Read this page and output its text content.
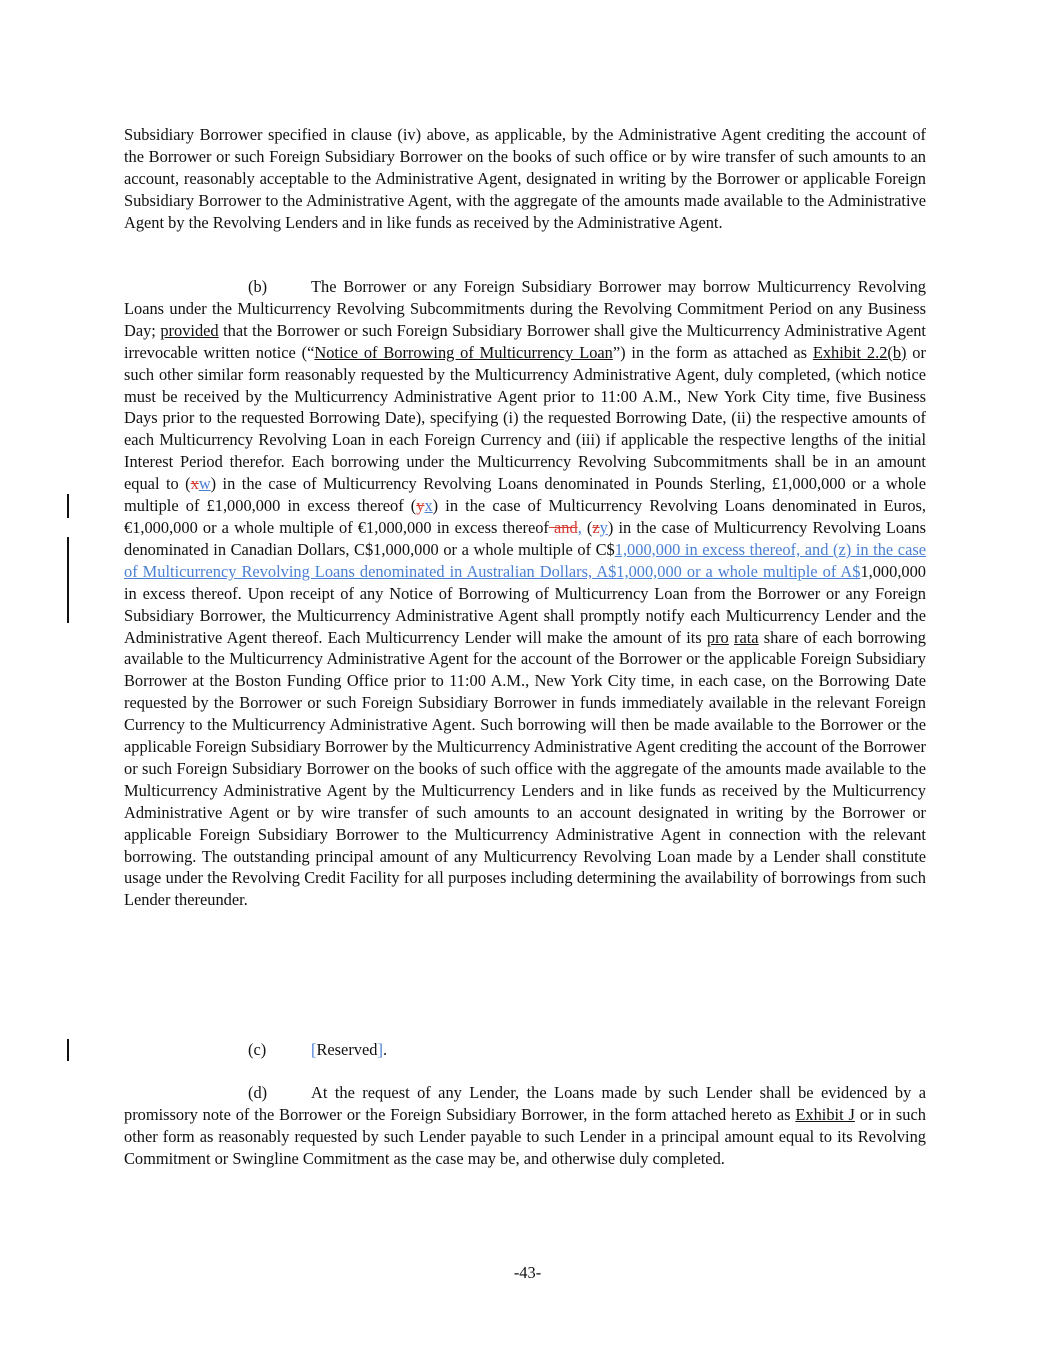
Subsidiary Borrower specified in clause (iv) above, as applicable, by the Administrative Agent crediting the account of the Borrower or such Foreign Subsidiary Borrower on the books of such office or by wire transfer of such amounts to an account, reasonably acceptable to the Administrative Agent, designated in writing by the Borrower or applicable Foreign Subsidiary Borrower to the Administrative Agent, with the aggregate of the amounts made available to the Administrative Agent by the Revolving Lenders and in like funds as received by the Administrative Agent.
(b)	The Borrower or any Foreign Subsidiary Borrower may borrow Multicurrency Revolving Loans under the Multicurrency Revolving Subcommitments during the Revolving Commitment Period on any Business Day; provided that the Borrower or such Foreign Subsidiary Borrower shall give the Multicurrency Administrative Agent irrevocable written notice (“Notice of Borrowing of Multicurrency Loan”) in the form as attached as Exhibit 2.2(b) or such other similar form reasonably requested by the Multicurrency Administrative Agent, duly completed, (which notice must be received by the Multicurrency Administrative Agent prior to 11:00 A.M., New York City time, five Business Days prior to the requested Borrowing Date), specifying (i) the requested Borrowing Date, (ii) the respective amounts of each Multicurrency Revolving Loan in each Foreign Currency and (iii) if applicable the respective lengths of the initial Interest Period therefor. Each borrowing under the Multicurrency Revolving Subcommitments shall be in an amount equal to (xw) in the case of Multicurrency Revolving Loans denominated in Pounds Sterling, £1,000,000 or a whole multiple of £1,000,000 in excess thereof (yx) in the case of Multicurrency Revolving Loans denominated in Euros, €1,000,000 or a whole multiple of €1,000,000 in excess thereof and, (zy) in the case of Multicurrency Revolving Loans denominated in Canadian Dollars, C$1,000,000 or a whole multiple of C$1,000,000 in excess thereof, and (z) in the case of Multicurrency Revolving Loans denominated in Australian Dollars, A$1,000,000 or a whole multiple of A$1,000,000 in excess thereof. Upon receipt of any Notice of Borrowing of Multicurrency Loan from the Borrower or any Foreign Subsidiary Borrower, the Multicurrency Administrative Agent shall promptly notify each Multicurrency Lender and the Administrative Agent thereof. Each Multicurrency Lender will make the amount of its pro rata share of each borrowing available to the Multicurrency Administrative Agent for the account of the Borrower or the applicable Foreign Subsidiary Borrower at the Boston Funding Office prior to 11:00 A.M., New York City time, in each case, on the Borrowing Date requested by the Borrower or such Foreign Subsidiary Borrower in funds immediately available in the relevant Foreign Currency to the Multicurrency Administrative Agent. Such borrowing will then be made available to the Borrower or the applicable Foreign Subsidiary Borrower by the Multicurrency Administrative Agent crediting the account of the Borrower or such Foreign Subsidiary Borrower on the books of such office with the aggregate of the amounts made available to the Multicurrency Administrative Agent by the Multicurrency Lenders and in like funds as received by the Multicurrency Administrative Agent or by wire transfer of such amounts to an account designated in writing by the Borrower or applicable Foreign Subsidiary Borrower to the Multicurrency Administrative Agent in connection with the relevant borrowing. The outstanding principal amount of any Multicurrency Revolving Loan made by a Lender shall constitute usage under the Revolving Credit Facility for all purposes including determining the availability of borrowings from such Lender thereunder.
(c)	[Reserved].
(d)	At the request of any Lender, the Loans made by such Lender shall be evidenced by a promissory note of the Borrower or the Foreign Subsidiary Borrower, in the form attached hereto as Exhibit J or in such other form as reasonably requested by such Lender payable to such Lender in a principal amount equal to its Revolving Commitment or Swingline Commitment as the case may be, and otherwise duly completed.
-43-
